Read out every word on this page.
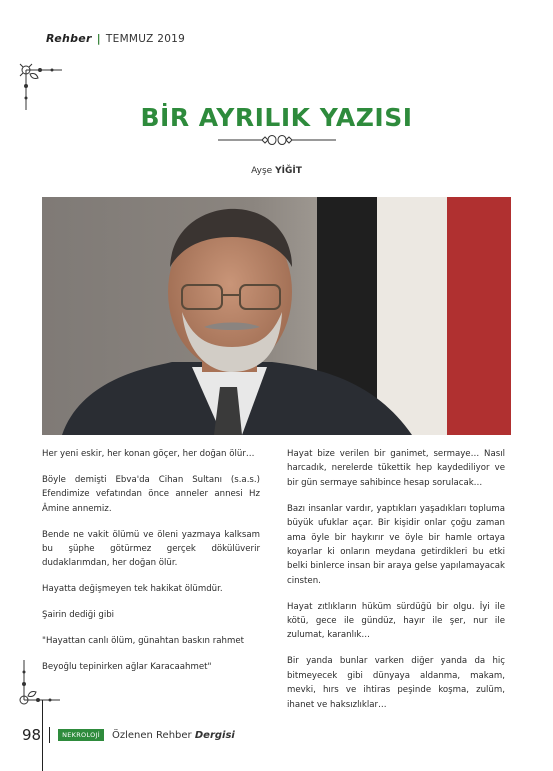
Rehber | TEMMUZ 2019
BİR AYRILIK YAZISI
Ayşe YİĞİT

Her yeni eskir, her konan göçer, her doğan ölür…

Böyle demişti Ebva'da Cihan Sultanı (s.a.s.) Efendimize vefatından önce anneler annesi Hz Âmine annemiz.

Bende ne vakit ölümü ve öleni yazmaya kalksam bu şüphe götürmez gerçek dökülüverir dudaklarımdan, her doğan ölür.

Hayatta değişmeyen tek hakikat ölümdür.

Şairin dediği gibi

"Hayattan canlı ölüm, günahtan baskın rahmet

Beyoğlu tepinirken ağlar Karacaahmet"

Hayat bize verilen bir ganimet, sermaye… Nasıl harcadık, nerelerde tükettik hep kaydediliyor ve bir gün sermaye sahibince hesap sorulacak…

Bazı insanlar vardır, yaptıkları yaşadıkları topluma büyük ufuklar açar. Bir kişidir onlar çoğu zaman ama öyle bir haykırır ve öyle bir hamle ortaya koyarlar ki onların meydana getirdikleri bu etki belki binlerce insan bir araya gelse yapılamayacak cinsten.

Hayat zıtlıkların hüküm sürdüğü bir olgu. İyi ile kötü, gece ile gündüz, hayır ile şer, nur ile zulumat, karanlık…

Bir yanda bunlar varken diğer yanda da hiç bitmeyecek gibi dünyaya aldanma, makam, mevki, hırs ve ihtiras peşinde koşma, zulüm, ihanet ve haksızlıklar…

98	NEKROLOJİ	Özlenen Rehber Dergisi
